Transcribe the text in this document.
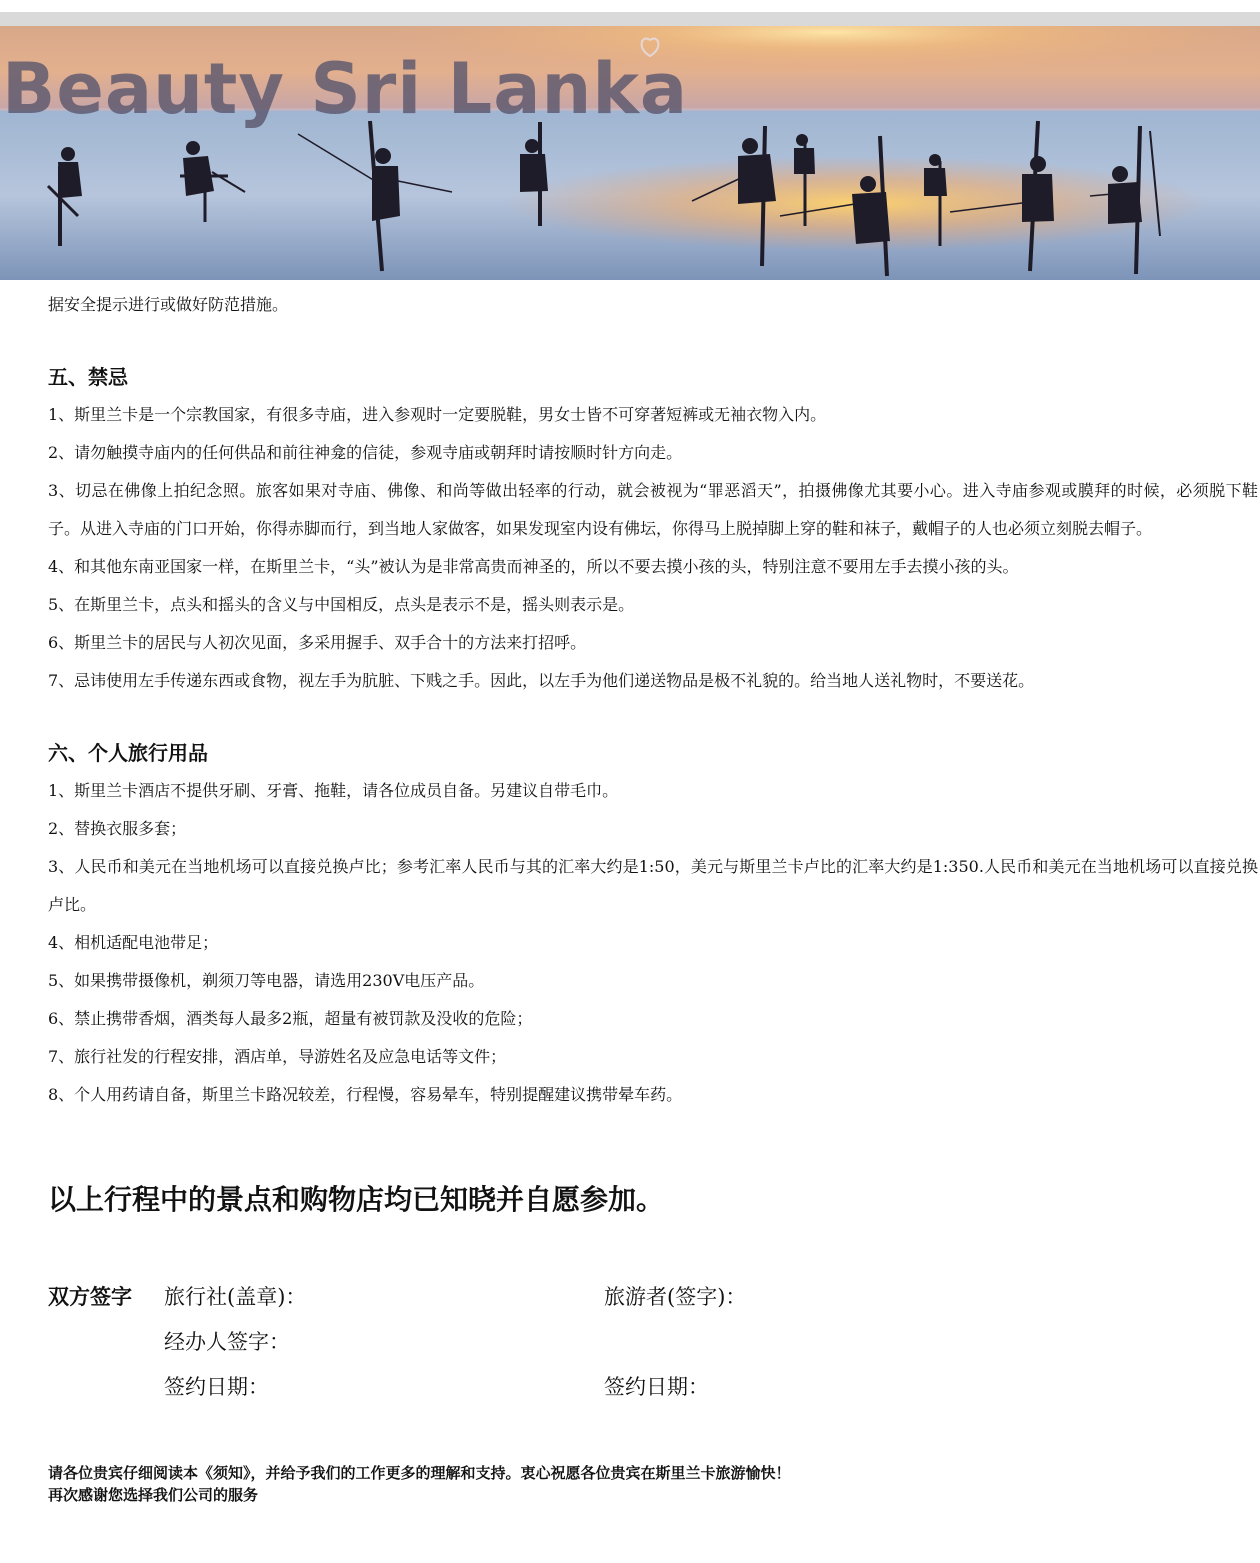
Beauty Sri Lanka
据安全提示进行或做好防范措施。
五、禁忌
1、斯里兰卡是一个宗教国家，有很多寺庙，进入参观时一定要脱鞋，男女士皆不可穿著短裤或无袖衣物入内。
2、请勿触摸寺庙内的任何供品和前往神龛的信徒，参观寺庙或朝拜时请按顺时针方向走。
3、切忌在佛像上拍纪念照。旅客如果对寺庙、佛像、和尚等做出轻率的行动，就会被视为“罪恶滔天”，拍摄佛像尤其要小心。进入寺庙参观或膜拜的时候，必须脱下鞋子。从进入寺庙的门口开始，你得赤脚而行，到当地人家做客，如果发现室内设有佛坛，你得马上脱掉脚上穿的鞋和袜子，戴帽子的人也必须立刻脱去帽子。
4、和其他东南亚国家一样，在斯里兰卡，“头”被认为是非常高贵而神圣的，所以不要去摸小孩的头，特别注意不要用左手去摸小孩的头。
5、在斯里兰卡，点头和摇头的含义与中国相反，点头是表示不是，摇头则表示是。
6、斯里兰卡的居民与人初次见面，多采用握手、双手合十的方法来打招呼。
7、忌讳使用左手传递东西或食物，视左手为肮脏、下贱之手。因此，以左手为他们递送物品是极不礼貌的。给当地人送礼物时，不要送花。
六、个人旅行用品
1、斯里兰卡酒店不提供牙刷、牙膏、拖鞋，请各位成员自备。另建议自带毛巾。
2、替换衣服多套；
3、人民币和美元在当地机场可以直接兑换卢比；参考汇率人民币与其的汇率大约是1:50，美元与斯里兰卡卢比的汇率大约是1:350.人民币和美元在当地机场可以直接兑换卢比。
4、相机适配电池带足；
5、如果携带摄像机，剃须刀等电器，请选用230V电压产品。
6、禁止携带香烟，酒类每人最多2瓶，超量有被罚款及没收的危险；
7、旅行社发的行程安排，酒店单，导游姓名及应急电话等文件；
8、个人用药请自备，斯里兰卡路况较差，行程慢，容易晕车，特别提醒建议携带晕车药。
以上行程中的景点和购物店均已知晓并自愿参加。
双方签字 旅行社(盖章)：	旅游者(签字)：
经办人签字：
签约日期：	签约日期：
请各位贵宾仔细阅读本《须知》，并给予我们的工作更多的理解和支持。衷心祝愿各位贵宾在斯里兰卡旅游愉快！
再次感谢您选择我们公司的服务
